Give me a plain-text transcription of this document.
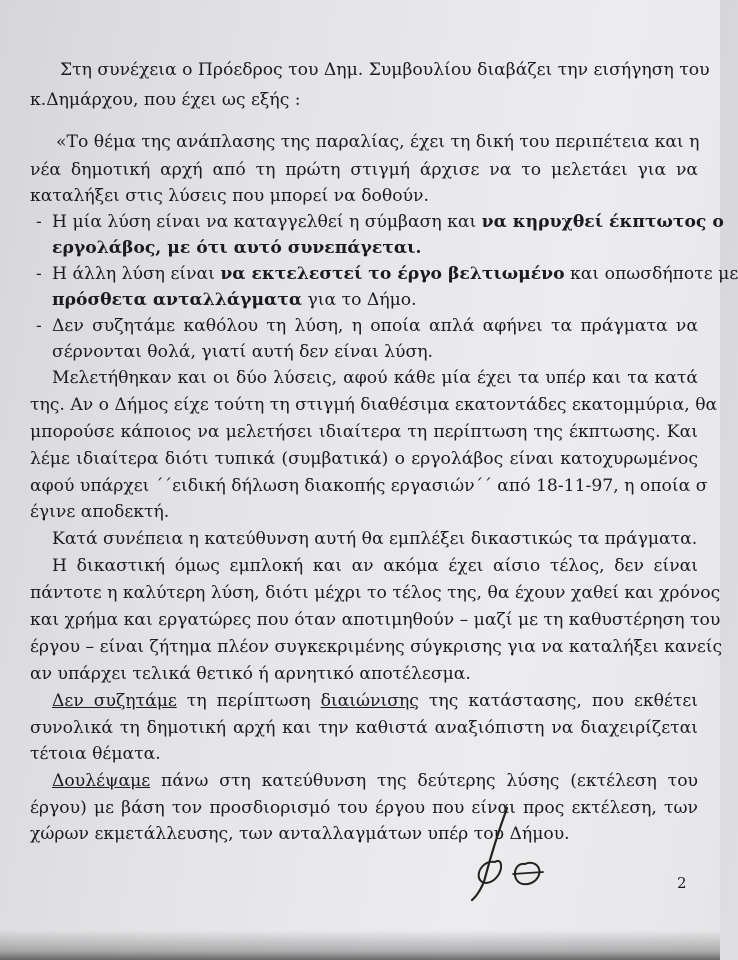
Στη συνέχεια ο Πρόεδρος του Δημ. Συμβουλίου διαβάζει την εισήγηση του
κ.Δημάρχου, που έχει ως εξής :
«Το θέμα της ανάπλασης της παραλίας, έχει τη δική του περιπέτεια και η
νέα δημοτική αρχή από τη πρώτη στιγμή άρχισε να το μελετάει για να
καταλήξει στις λύσεις που μπορεί να δοθούν.
- Η μία λύση είναι να καταγγελθεί η σύμβαση και να κηρυχθεί έκπτωτος ο
εργολάβος, με ότι αυτό συνεπάγεται.
- Η άλλη λύση είναι να εκτελεστεί το έργο βελτιωμένο και οπωσδήποτε με
πρόσθετα ανταλλάγματα για το Δήμο.
- Δεν συζητάμε καθόλου τη λύση, η οποία απλά αφήνει τα πράγματα να
σέρνονται θολά, γιατί αυτή δεν είναι λύση.
Μελετήθηκαν και οι δύο λύσεις, αφού κάθε μία έχει τα υπέρ και τα κατά
της. Αν ο Δήμος είχε τούτη τη στιγμή διαθέσιμα εκατοντάδες εκατομμύρια, θα
μπορούσε κάποιος να μελετήσει ιδιαίτερα τη περίπτωση της έκπτωσης. Και
λέμε ιδιαίτερα διότι τυπικά (συμβατικά) ο εργολάβος είναι κατοχυρωμένος
αφού υπάρχει ΄΄ειδική δήλωση διακοπής εργασιών΄΄ από 18-11-97, η οποία σ
έγινε αποδεκτή.
Κατά συνέπεια η κατεύθυνση αυτή θα εμπλέξει δικαστικώς τα πράγματα.
Η δικαστική όμως εμπλοκή και αν ακόμα έχει αίσιο τέλος, δεν είναι
πάντοτε η καλύτερη λύση, διότι μέχρι το τέλος της, θα έχουν χαθεί και χρόνος
και χρήμα και εργατώρες που όταν αποτιμηθούν – μαζί με τη καθυστέρηση του
έργου – είναι ζήτημα πλέον συγκεκριμένης σύγκρισης για να καταλήξει κανείς
αν υπάρχει τελικά θετικό ή αρνητικό αποτέλεσμα.
Δεν συζητάμε τη περίπτωση διαιώνισης της κατάστασης, που εκθέτει
συνολικά τη δημοτική αρχή και την καθιστά αναξιόπιστη να διαχειρίζεται
τέτοια θέματα.
Δουλέψαμε πάνω στη κατεύθυνση της δεύτερης λύσης (εκτέλεση του
έργου) με βάση τον προσδιορισμό του έργου που είναι προς εκτέλεση, των
χώρων εκμετάλλευσης, των ανταλλαγμάτων υπέρ του Δήμου.
2
